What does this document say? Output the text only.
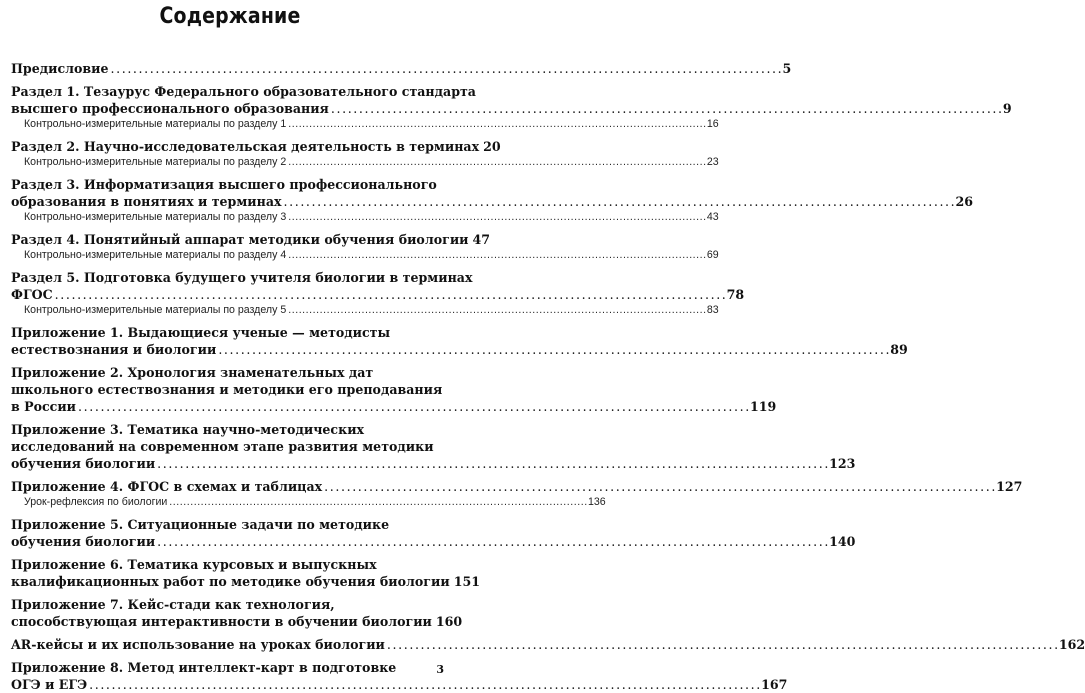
Содержание
Предисловие . . .	5
Раздел 1. Тезаурус Федерального образовательного стандарта
высшего профессионального образования . . .	9
Контрольно-измерительные материалы по разделу 1 . . .	16
Раздел 2. Научно-исследовательская деятельность в терминах 20
Контрольно-измерительные материалы по разделу 2 . . .	23
Раздел 3. Информатизация высшего профессионального
образования в понятиях и терминах . . .	26
Контрольно-измерительные материалы по разделу 3 . . .	43
Раздел 4. Понятийный аппарат методики обучения биологии 47
Контрольно-измерительные материалы по разделу 4 . . .	69
Раздел 5. Подготовка будущего учителя биологии в терминах
ФГОС . . .	78
Контрольно-измерительные материалы по разделу 5 . . .	83
Приложение 1. Выдающиеся ученые — методисты
естествознания и биологии . . .	89
Приложение 2. Хронология знаменательных дат
школьного естествознания и методики его преподавания
в России . . .	119
Приложение 3. Тематика научно-методических
исследований на современном этапе развития методики
обучения биологии . . .	123
Приложение 4. ФГОС в схемах и таблицах . . .	127
Урок-рефлексия по биологии . . .	136
Приложение 5. Ситуационные задачи по методике
обучения биологии . . .	140
Приложение 6. Тематика курсовых и выпускных
квалификационных работ по методике обучения биологии 151
Приложение 7. Кейс-стади как технология,
способствующая интерактивности в обучении биологии 160
AR-кейсы и их использование на уроках биологии . . .	162
Приложение 8. Метод интеллект-карт в подготовке
ОГЭ и ЕГЭ . . .	167
3
